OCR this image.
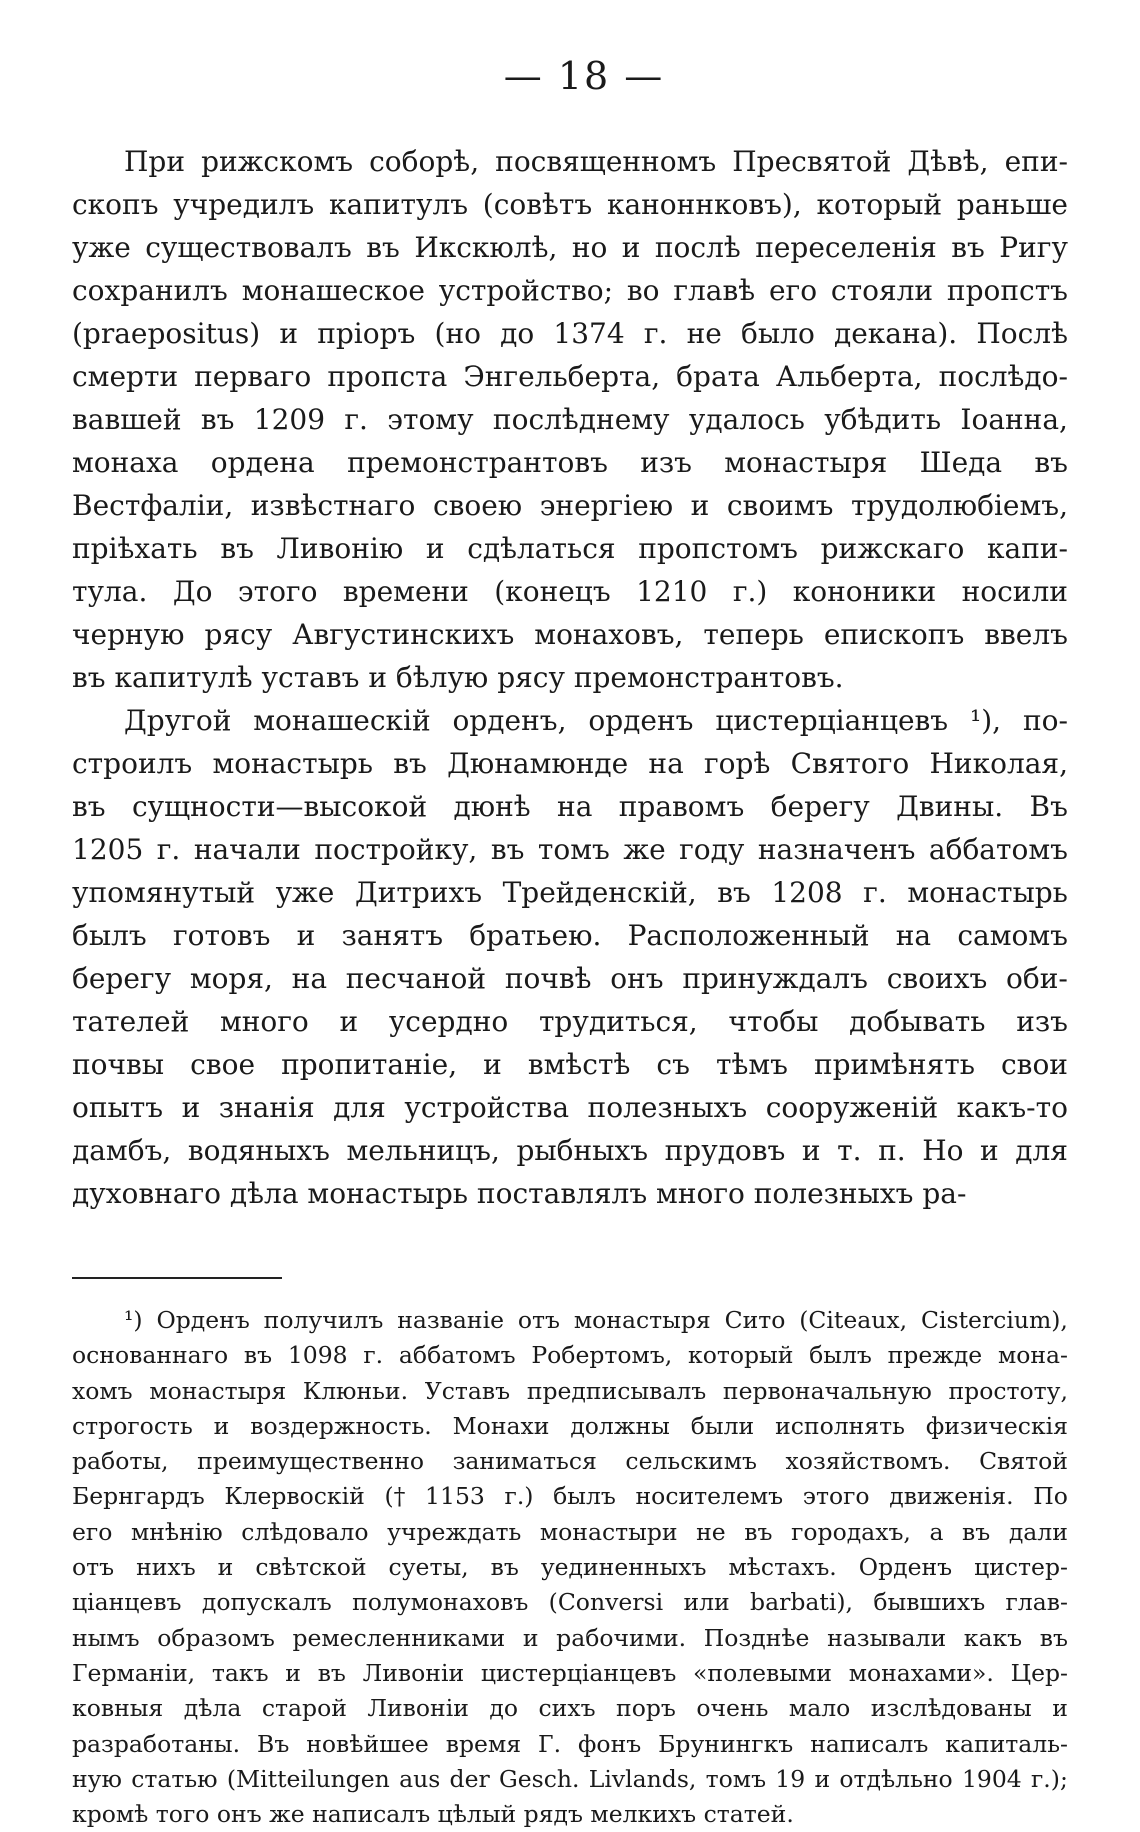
— 18 —
При рижскомъ соборѣ, посвященномъ Пресвятой Дѣвѣ, епи-
скопъ учредилъ капитулъ (совѣтъ каноннковъ), который раньше
уже существовалъ въ Икскюлѣ, но и послѣ переселенія въ Ригу
сохранилъ монашеское устройство; во главѣ его стояли пропстъ
(praepositus) и пріоръ (но до 1374 г. не было декана). Послѣ
смерти перваго пропста Энгельберта, брата Альберта, послѣдо-
вавшей въ 1209 г. этому послѣднему удалось убѣдить Іоанна,
монаха ордена премонстрантовъ изъ монастыря Шеда въ
Вестфаліи, извѣстнаго своею энергіею и своимъ трудолюбіемъ,
пріѣхать въ Ливонію и сдѣлаться пропстомъ рижскаго капи-
тула. До этого времени (конецъ 1210 г.) кононики носили
черную рясу Августинскихъ монаховъ, теперь епископъ ввелъ
въ капитулѣ уставъ и бѣлую рясу премонстрантовъ.
Другой монашескій орденъ, орденъ цистерціанцевъ ¹), по-
строилъ монастырь въ Дюнамюнде на горѣ Святого Николая,
въ сущности—высокой дюнѣ на правомъ берегу Двины. Въ
1205 г. начали постройку, въ томъ же году назначенъ аббатомъ
упомянутый уже Дитрихъ Трейденскій, въ 1208 г. монастырь
былъ готовъ и занятъ братьею. Расположенный на самомъ
берегу моря, на песчаной почвѣ онъ принуждалъ своихъ оби-
тателей много и усердно трудиться, чтобы добывать изъ
почвы свое пропитаніе, и вмѣстѣ съ тѣмъ примѣнять свои
опытъ и знанія для устройства полезныхъ сооруженій какъ-то
дамбъ, водяныхъ мельницъ, рыбныхъ прудовъ и т. п. Но и для
духовнаго дѣла монастырь поставлялъ много полезныхъ ра-
¹) Орденъ получилъ названіе отъ монастыря Сито (Citeaux, Cistercium),
основаннаго въ 1098 г. аббатомъ Робертомъ, который былъ прежде мона-
хомъ монастыря Клюньи. Уставъ предписывалъ первоначальную простоту,
строгость и воздержность. Монахи должны были исполнять физическія
работы, преимущественно заниматься сельскимъ хозяйствомъ. Святой
Бернгардъ Клервоскій († 1153 г.) былъ носителемъ этого движенія. По
его мнѣнію слѣдовало учреждать монастыри не въ городахъ, а въ дали
отъ нихъ и свѣтской суеты, въ уединенныхъ мѣстахъ. Орденъ цистер-
ціанцевъ допускалъ полумонаховъ (Conversi или barbati), бывшихъ глав-
нымъ образомъ ремесленниками и рабочими. Позднѣе называли какъ въ
Германіи, такъ и въ Ливоніи цистерціанцевъ «полевыми монахами». Цер-
ковныя дѣла старой Ливоніи до сихъ поръ очень мало изслѣдованы и
разработаны. Въ новѣйшее время Г. фонъ Брунингкъ написалъ капиталь-
ную статью (Mitteilungen aus der Gesch. Livlands, томъ 19 и отдѣльно 1904 г.);
кромѣ того онъ же написалъ цѣлый рядъ мелкихъ статей.
